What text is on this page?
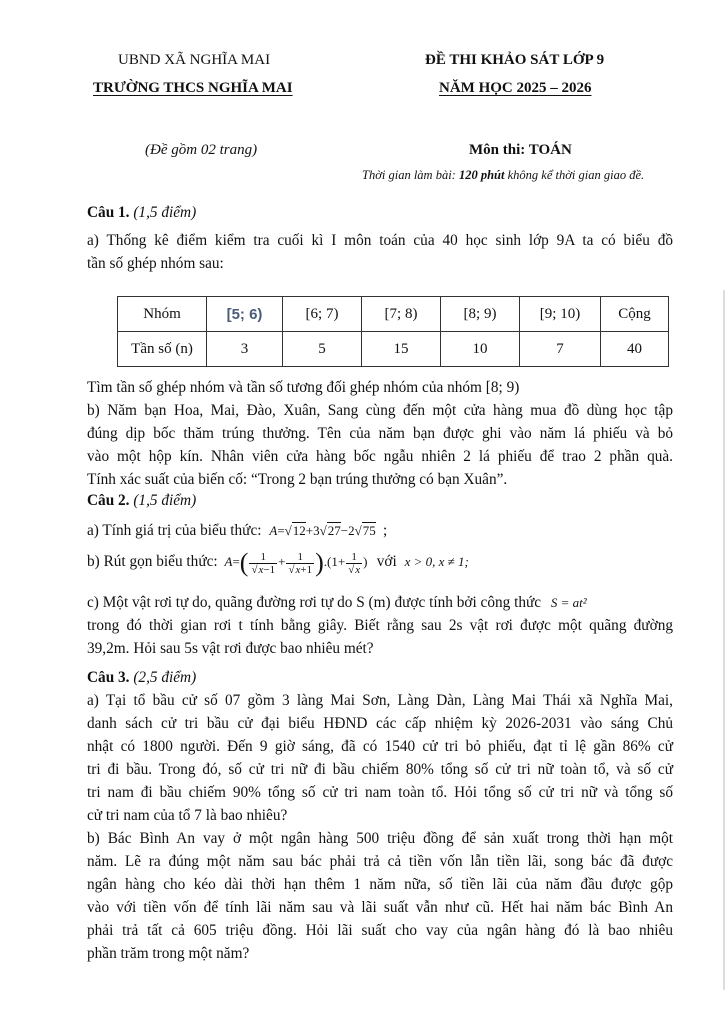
UBND XÃ NGHĨA MAI
TRƯỜNG THCS NGHĨA MAI
ĐỀ THI KHẢO SÁT LỚP 9
NĂM HỌC 2025 – 2026
(Đề gồm 02 trang)	Môn thi: TOÁN
Thời gian làm bài: 120 phút không kể thời gian giao đề.
Câu 1. (1,5 điểm)
a) Thống kê điểm kiểm tra cuối kì I môn toán của 40 học sinh lớp 9A ta có biểu đồ
tần số ghép nhóm sau:
Nhóm	[5; 6)	[6; 7)	[7; 8)	[8; 9)	[9; 10)	Cộng
Tần số (n)	3	5	15	10	7	40
Tìm tần số ghép nhóm và tần số tương đối ghép nhóm của nhóm [8; 9)
b) Năm bạn Hoa, Mai, Đào, Xuân, Sang cùng đến một cửa hàng mua đồ dùng học tập
đúng dịp bốc thăm trúng thưởng. Tên của năm bạn được ghi vào năm lá phiếu và bỏ
vào một hộp kín. Nhân viên cửa hàng bốc ngẫu nhiên 2 lá phiếu để trao 2 phần quà.
Tính xác suất của biến cố: “Trong 2 bạn trúng thưởng có bạn Xuân”.
Câu 2. (1,5 điểm)
a) Tính giá trị của biểu thức: A=√12+3√27−2√75 ;
b) Rút gọn biểu thức: $A=( \frac{1}{√x-1} + \frac{1}{√x+1} ).(1+ \frac{1}{√x}$ ) với x > 0, x ≠ 1;
c) Một vật rơi tự do, quãng đường rơi tự do S (m) được tính bởi công thức S = at²
trong đó thời gian rơi t tính bằng giây. Biết rằng sau 2s vật rơi được một quãng đường
39,2m. Hỏi sau 5s vật rơi được bao nhiêu mét?
Câu 3. (2,5 điểm)
a) Tại tổ bầu cử số 07 gồm 3 làng Mai Sơn, Làng Dàn, Làng Mai Thái xã Nghĩa Mai,
danh sách cử tri bầu cử đại biểu HĐND các cấp nhiệm kỳ 2026-2031 vào sáng Chủ
nhật có 1800 người. Đến 9 giờ sáng, đã có 1540 cử tri bỏ phiếu, đạt tỉ lệ gần 86% cử
tri đi bầu. Trong đó, số cử tri nữ đi bầu chiếm 80% tổng số cử tri nữ toàn tổ, và số cử
tri nam đi bầu chiếm 90% tổng số cử tri nam toàn tổ. Hỏi tổng số cử tri nữ và tổng số
cử tri nam của tổ 7 là bao nhiêu?
b) Bác Bình An vay ở một ngân hàng 500 triệu đồng để sản xuất trong thời hạn một
năm. Lẽ ra đúng một năm sau bác phải trả cả tiền vốn lẫn tiền lãi, song bác đã được
ngân hàng cho kéo dài thời hạn thêm 1 năm nữa, số tiền lãi của năm đầu được gộp
vào với tiền vốn để tính lãi năm sau và lãi suất vẫn như cũ. Hết hai năm bác Bình An
phải trả tất cả 605 triệu đồng. Hỏi lãi suất cho vay của ngân hàng đó là bao nhiêu
phần trăm trong một năm?
